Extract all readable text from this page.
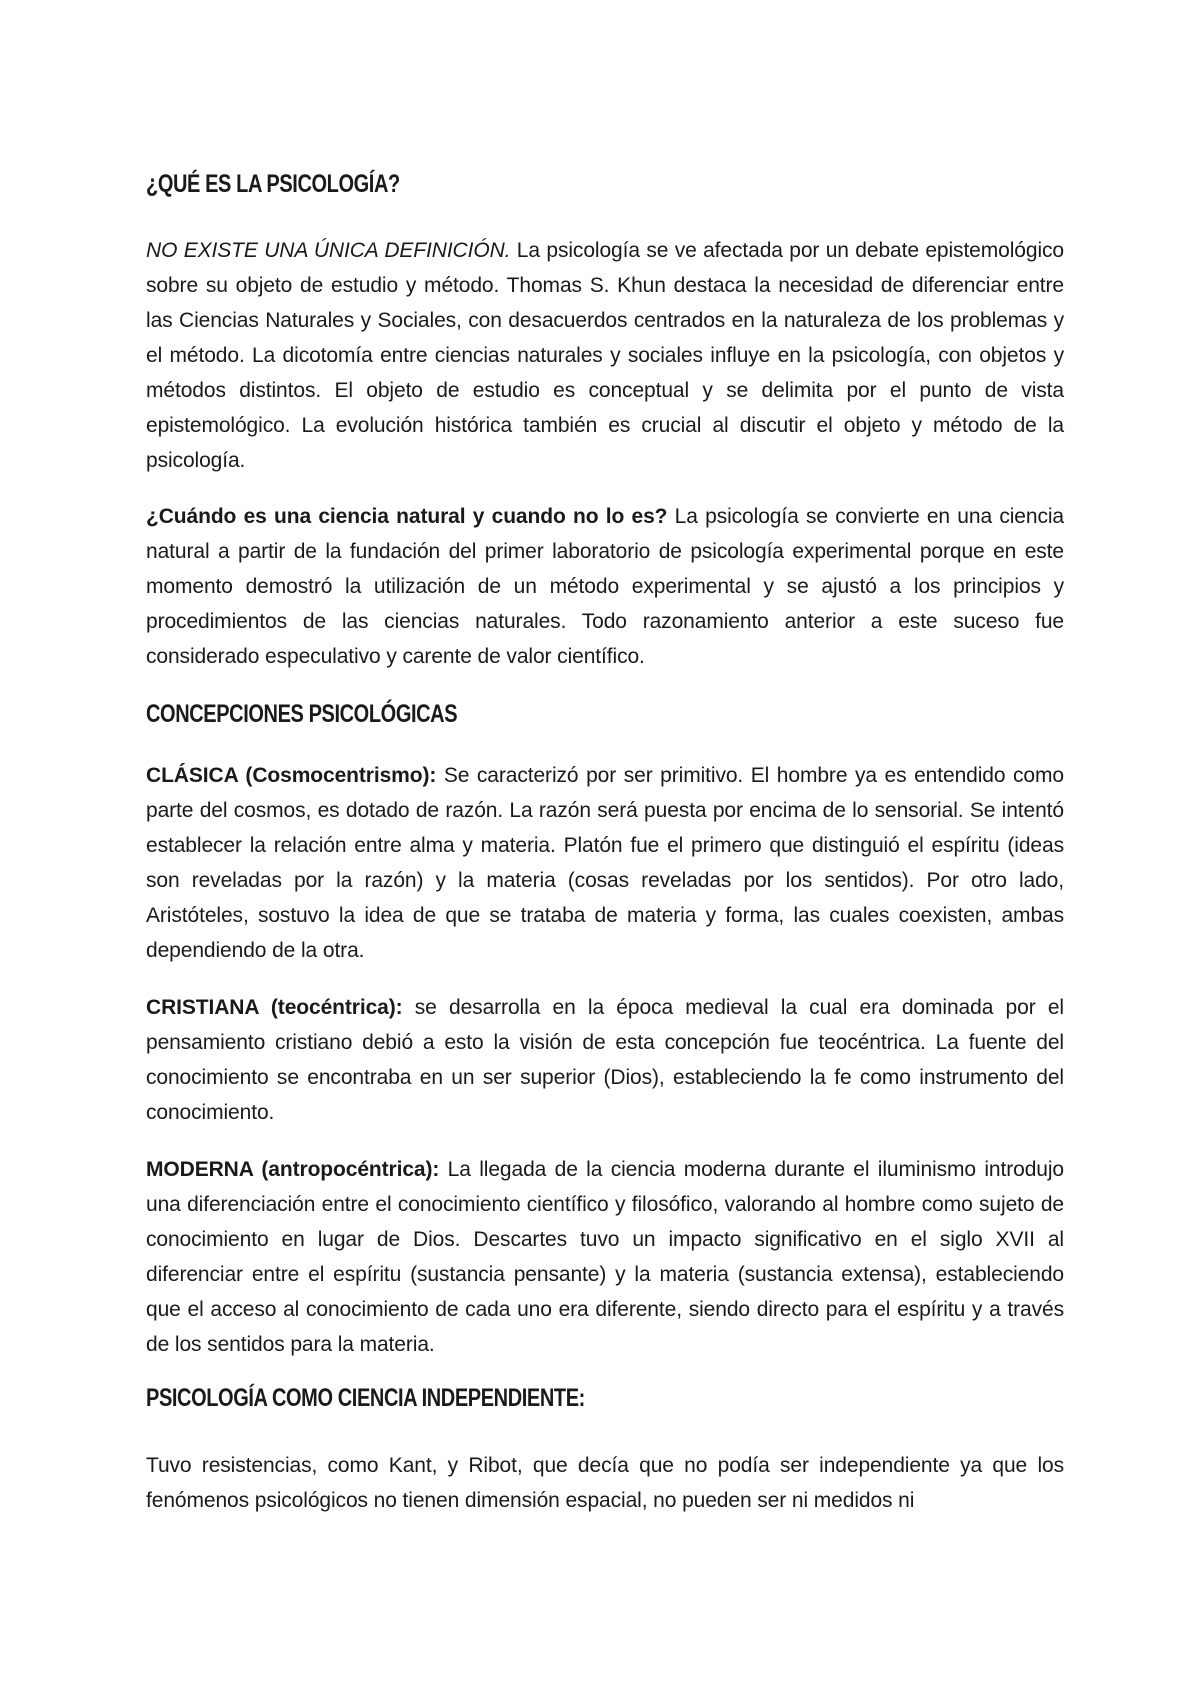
¿QUÉ ES LA PSICOLOGÍA?

NO EXISTE UNA ÚNICA DEFINICIÓN. La psicología se ve afectada por un debate epistemológico sobre su objeto de estudio y método. Thomas S. Khun destaca la necesidad de diferenciar entre las Ciencias Naturales y Sociales, con desacuerdos centrados en la naturaleza de los problemas y el método. La dicotomía entre ciencias naturales y sociales influye en la psicología, con objetos y métodos distintos. El objeto de estudio es conceptual y se delimita por el punto de vista epistemológico. La evolución histórica también es crucial al discutir el objeto y método de la psicología.

¿Cuándo es una ciencia natural y cuando no lo es? La psicología se convierte en una ciencia natural a partir de la fundación del primer laboratorio de psicología experimental porque en este momento demostró la utilización de un método experimental y se ajustó a los principios y procedimientos de las ciencias naturales. Todo razonamiento anterior a este suceso fue considerado especulativo y carente de valor científico.

CONCEPCIONES PSICOLÓGICAS

CLÁSICA (Cosmocentrismo): Se caracterizó por ser primitivo. El hombre ya es entendido como parte del cosmos, es dotado de razón. La razón será puesta por encima de lo sensorial. Se intentó establecer la relación entre alma y materia. Platón fue el primero que distinguió el espíritu (ideas son reveladas por la razón) y la materia (cosas reveladas por los sentidos). Por otro lado, Aristóteles, sostuvo la idea de que se trataba de materia y forma, las cuales coexisten, ambas dependiendo de la otra.

CRISTIANA (teocéntrica): se desarrolla en la época medieval la cual era dominada por el pensamiento cristiano debió a esto la visión de esta concepción fue teocéntrica. La fuente del conocimiento se encontraba en un ser superior (Dios), estableciendo la fe como instrumento del conocimiento.

MODERNA (antropocéntrica): La llegada de la ciencia moderna durante el iluminismo introdujo una diferenciación entre el conocimiento científico y filosófico, valorando al hombre como sujeto de conocimiento en lugar de Dios. Descartes tuvo un impacto significativo en el siglo XVII al diferenciar entre el espíritu (sustancia pensante) y la materia (sustancia extensa), estableciendo que el acceso al conocimiento de cada uno era diferente, siendo directo para el espíritu y a través de los sentidos para la materia.

PSICOLOGÍA COMO CIENCIA INDEPENDIENTE:

Tuvo resistencias, como Kant, y Ribot, que decía que no podía ser independiente ya que los fenómenos psicológicos no tienen dimensión espacial, no pueden ser ni medidos ni
